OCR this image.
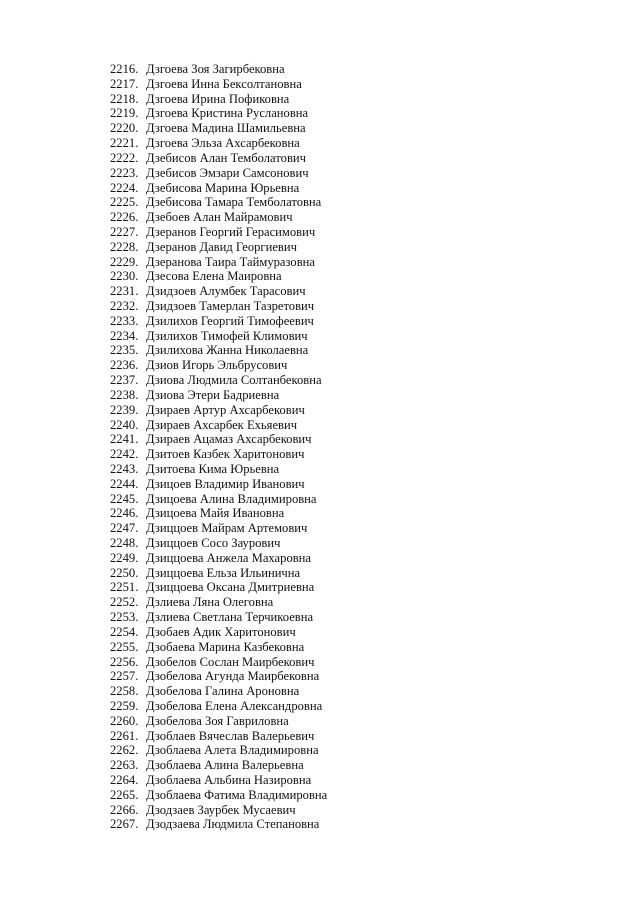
2216. Дзгоева Зоя Загирбековна
2217. Дзгоева Инна Бексолтановна
2218. Дзгоева Ирина Пофиковна
2219. Дзгоева Кристина Руслановна
2220. Дзгоева Мадина Шамильевна
2221. Дзгоева Эльза Ахсарбековна
2222. Дзебисов Алан Темболатович
2223. Дзебисов Эмзари Самсонович
2224. Дзебисова Марина Юрьевна
2225. Дзебисова Тамара Темболатовна
2226. Дзебоев Алан Майрамович
2227. Дзеранов Георгий Герасимович
2228. Дзеранов Давид Георгиевич
2229. Дзеранова Таира Таймуразовна
2230. Дзесова Елена Маировна
2231. Дзидзоев Алумбек Тарасович
2232. Дзидзоев Тамерлан Тазретович
2233. Дзилихов Георгий Тимофеевич
2234. Дзилихов Тимофей Климович
2235. Дзилихова Жанна Николаевна
2236. Дзиов Игорь Эльбрусович
2237. Дзиова Людмила Солтанбековна
2238. Дзиова Этери Бадриевна
2239. Дзираев Артур Ахсарбекович
2240. Дзираев Ахсарбек Ехьяевич
2241. Дзираев Ацамаз Ахсарбекович
2242. Дзитоев Казбек Харитонович
2243. Дзитоева Кима Юрьевна
2244. Дзицоев Владимир Иванович
2245. Дзицоева Алина Владимировна
2246. Дзицоева Майя Ивановна
2247. Дзиццоев Майрам Артемович
2248. Дзиццоев Сосо Заурович
2249. Дзиццоева Анжела Махаровна
2250. Дзиццоева Ельза Ильинична
2251. Дзиццоева Оксана Дмитриевна
2252. Дзлиева Ляна Олеговна
2253. Дзлиева Светлана Терчикоевна
2254. Дзобаев Адик Харитонович
2255. Дзобаева Марина Казбековна
2256. Дзобелов Сослан Маирбекович
2257. Дзобелова Агунда Маирбековна
2258. Дзобелова Галина Ароновна
2259. Дзобелова Елена Александровна
2260. Дзобелова Зоя Гавриловна
2261. Дзоблаев Вячеслав Валерьевич
2262. Дзоблаева Алета Владимировна
2263. Дзоблаева Алина Валерьевна
2264. Дзоблаева Альбина Назировна
2265. Дзоблаева Фатима Владимировна
2266. Дзодзаев Заурбек Мусаевич
2267. Дзодзаева Людмила Степановна
